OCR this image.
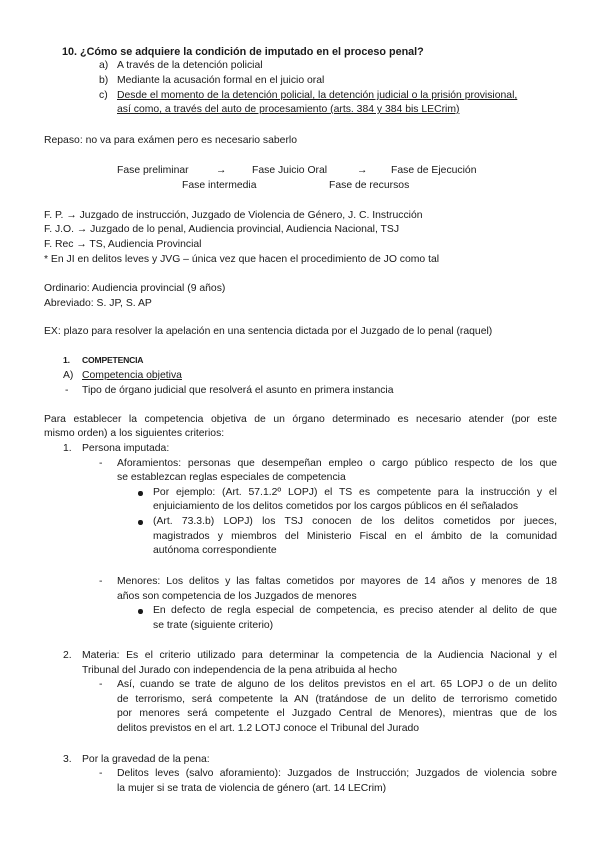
10. ¿Cómo se adquiere la condición de imputado en el proceso penal?
a) A través de la detención policial
b) Mediante la acusación formal en el juicio oral
c) Desde el momento de la detención policial, la detención judicial o la prisión provisional,
así como, a través del auto de procesamiento (arts. 384 y 384 bis LECrim)
Repaso: no va para exámen pero es necesario saberlo
Fase preliminar	→ Fase Juicio Oral	→ Fase de Ejecución
Fase intermedia	Fase de recursos
F. P. → Juzgado de instrucción, Juzgado de Violencia de Género, J. C. Instrucción
F. J.O. → Juzgado de lo penal, Audiencia provincial, Audiencia Nacional, TSJ
F. Rec → TS, Audiencia Provincial
* En JI en delitos leves y JVG – única vez que hacen el procedimiento de JO como tal
Ordinario: Audiencia provincial (9 años)
Abreviado: S. JP, S. AP
EX: plazo para resolver la apelación en una sentencia dictada por el Juzgado de lo penal (raquel)
1. COMPETENCIA
A) Competencia objetiva
- Tipo de órgano judicial que resolverá el asunto en primera instancia
Para establecer la competencia objetiva de un órgano determinado es necesario atender (por este
mismo orden) a los siguientes criterios:
1. Persona imputada:
- Aforamientos: personas que desempeñan empleo o cargo público respecto de los que
se establezcan reglas especiales de competencia
Por ejemplo: (Art. 57.1.2º LOPJ) el TS es competente para la instrucción y el
enjuiciamiento de los delitos cometidos por los cargos públicos en él señalados
(Art. 73.3.b) LOPJ) los TSJ conocen de los delitos cometidos por jueces,
magistrados y miembros del Ministerio Fiscal en el ámbito de la comunidad
autónoma correspondiente
- Menores: Los delitos y las faltas cometidos por mayores de 14 años y menores de 18
años son competencia de los Juzgados de menores
En defecto de regla especial de competencia, es preciso atender al delito de que
se trate (siguiente criterio)
2. Materia: Es el criterio utilizado para determinar la competencia de la Audiencia Nacional y el
Tribunal del Jurado con independencia de la pena atribuida al hecho
- Así, cuando se trate de alguno de los delitos previstos en el art. 65 LOPJ o de un delito
de terrorismo, será competente la AN (tratándose de un delito de terrorismo cometido
por menores será competente el Juzgado Central de Menores), mientras que de los
delitos previstos en el art. 1.2 LOTJ conoce el Tribunal del Jurado
3. Por la gravedad de la pena:
- Delitos leves (salvo aforamiento): Juzgados de Instrucción; Juzgados de violencia sobre
la mujer si se trata de violencia de género (art. 14 LECrim)
